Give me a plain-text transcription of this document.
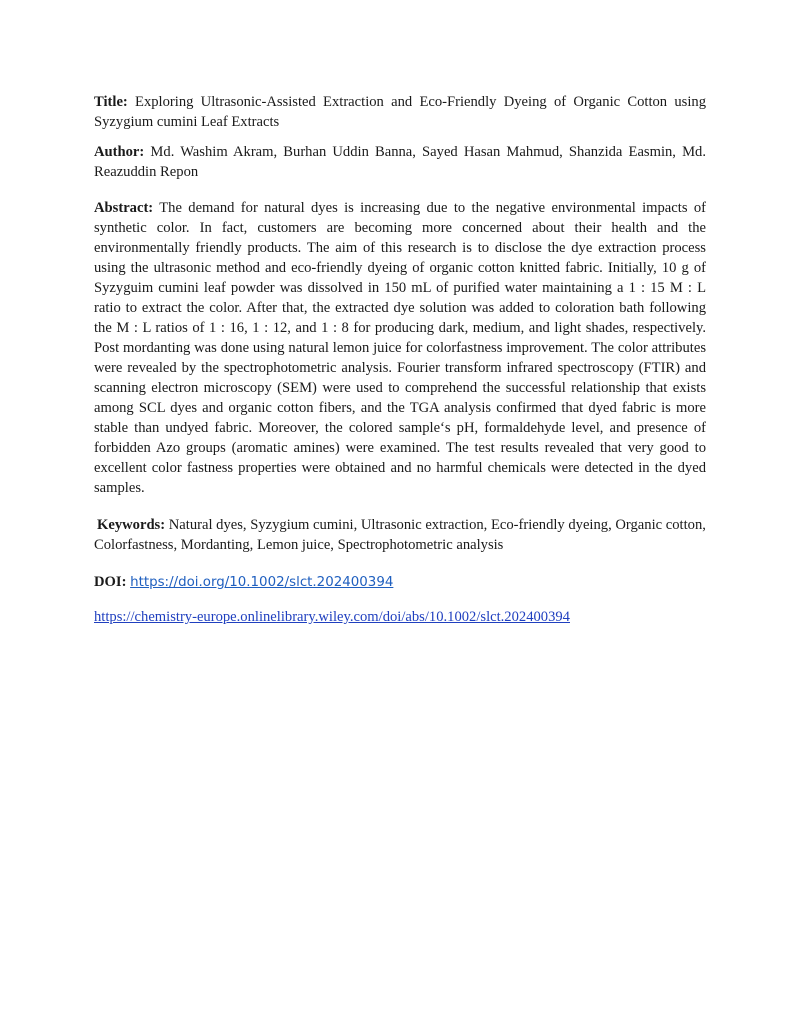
Title: Exploring Ultrasonic-Assisted Extraction and Eco-Friendly Dyeing of Organic Cotton using Syzygium cumini Leaf Extracts

Author: Md. Washim Akram, Burhan Uddin Banna, Sayed Hasan Mahmud, Shanzida Easmin, Md. Reazuddin Repon

Abstract: The demand for natural dyes is increasing due to the negative environmental impacts of synthetic color. In fact, customers are becoming more concerned about their health and the environmentally friendly products. The aim of this research is to disclose the dye extraction process using the ultrasonic method and eco-friendly dyeing of organic cotton knitted fabric. Initially, 10 g of Syzyguim cumini leaf powder was dissolved in 150 mL of purified water maintaining a 1 : 15 M : L ratio to extract the color. After that, the extracted dye solution was added to coloration bath following the M : L ratios of 1 : 16, 1 : 12, and 1 : 8 for producing dark, medium, and light shades, respectively. Post mordanting was done using natural lemon juice for colorfastness improvement. The color attributes were revealed by the spectrophotometric analysis. Fourier transform infrared spectroscopy (FTIR) and scanning electron microscopy (SEM) were used to comprehend the successful relationship that exists among SCL dyes and organic cotton fibers, and the TGA analysis confirmed that dyed fabric is more stable than undyed fabric. Moreover, the colored sample‘s pH, formaldehyde level, and presence of forbidden Azo groups (aromatic amines) were examined. The test results revealed that very good to excellent color fastness properties were obtained and no harmful chemicals were detected in the dyed samples.

Keywords: Natural dyes, Syzygium cumini, Ultrasonic extraction, Eco-friendly dyeing, Organic cotton, Colorfastness, Mordanting, Lemon juice, Spectrophotometric analysis

DOI: https://doi.org/10.1002/slct.202400394

https://chemistry-europe.onlinelibrary.wiley.com/doi/abs/10.1002/slct.202400394
